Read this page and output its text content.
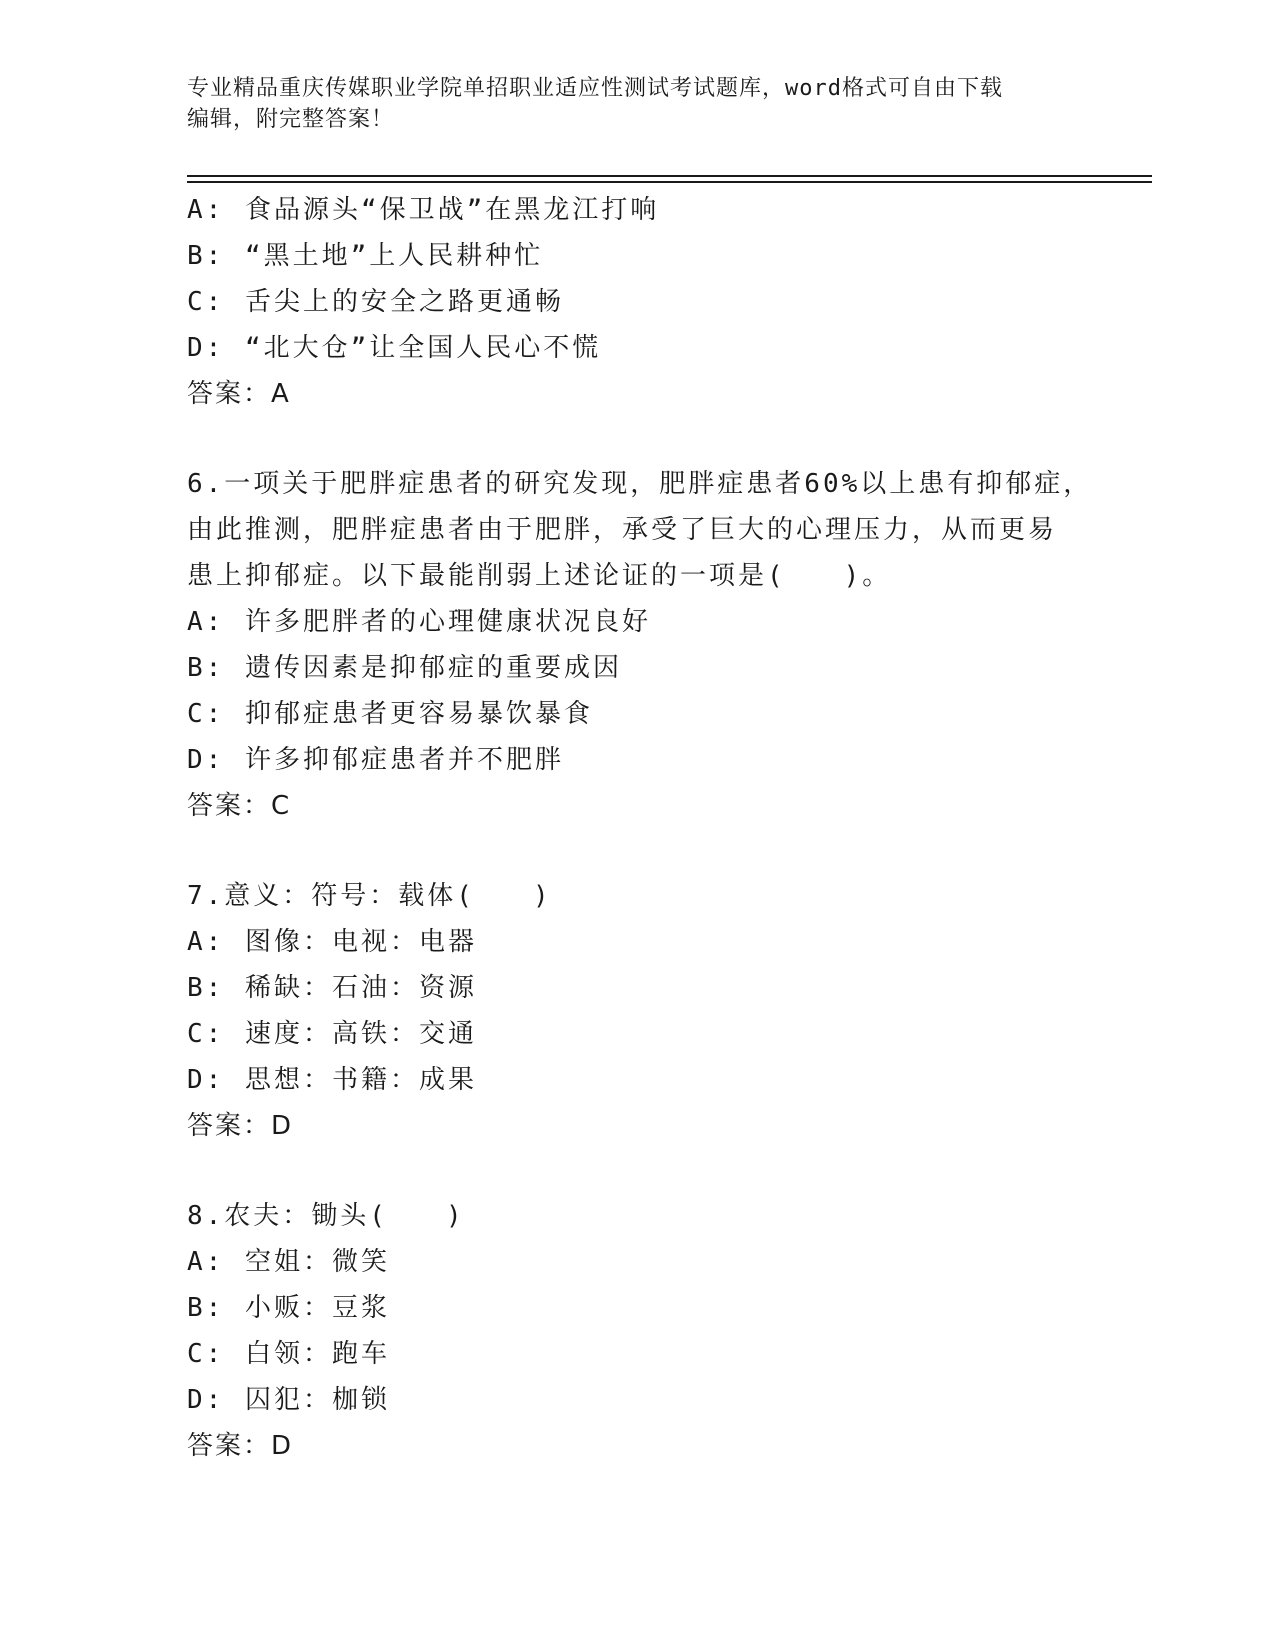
专业精品重庆传媒职业学院单招职业适应性测试考试题库，word格式可自由下载
编辑，附完整答案！
A: 食品源头“保卫战”在黑龙江打响
B: “黑土地”上人民耕种忙
C: 舌尖上的安全之路更通畅
D: “北大仓”让全国人民心不慌
答案：A
6.一项关于肥胖症患者的研究发现，肥胖症患者60%以上患有抑郁症，
由此推测，肥胖症患者由于肥胖，承受了巨大的心理压力，从而更易
患上抑郁症。以下最能削弱上述论证的一项是(　　)。
A: 许多肥胖者的心理健康状况良好
B: 遗传因素是抑郁症的重要成因
C: 抑郁症患者更容易暴饮暴食
D: 许多抑郁症患者并不肥胖
答案：C
7.意义：符号：载体(　　)
A: 图像：电视：电器
B: 稀缺：石油：资源
C: 速度：高铁：交通
D: 思想：书籍：成果
答案：D
8.农夫：锄头(　　)
A: 空姐：微笑
B: 小贩：豆浆
C: 白领：跑车
D: 囚犯：枷锁
答案：D
